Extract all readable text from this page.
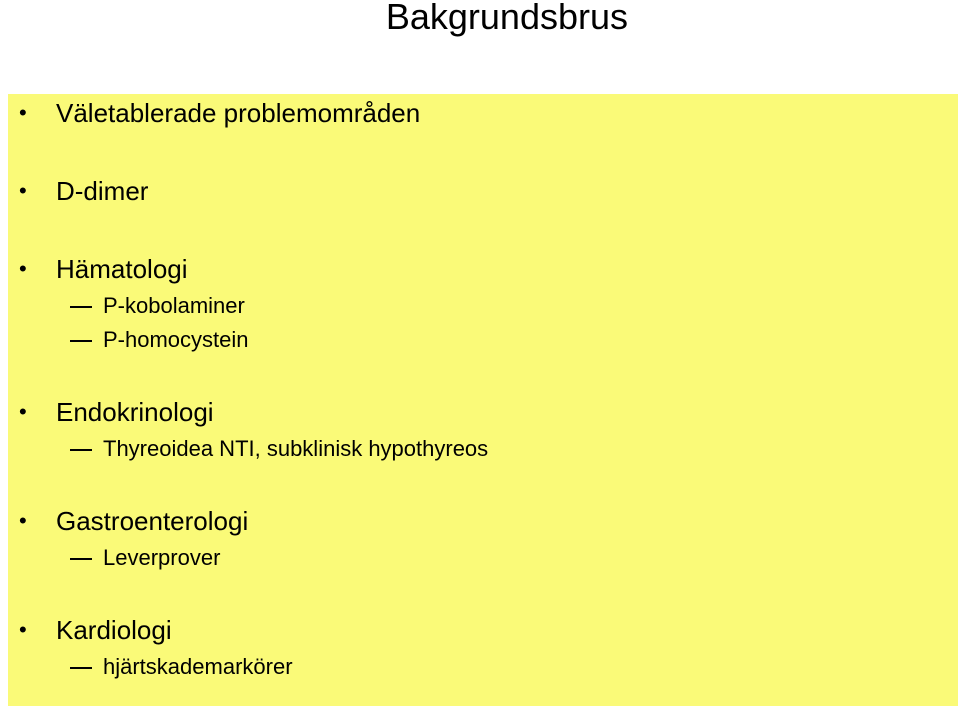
Bakgrundsbrus
• Väletablerade problemområden
• D-dimer
• Hämatologi
P-kobolaminer
P-homocystein
• Endokrinologi
Thyreoidea NTI, subklinisk hypothyreos
• Gastroenterologi
Leverprover
• Kardiologi
hjärtskademarkörer
